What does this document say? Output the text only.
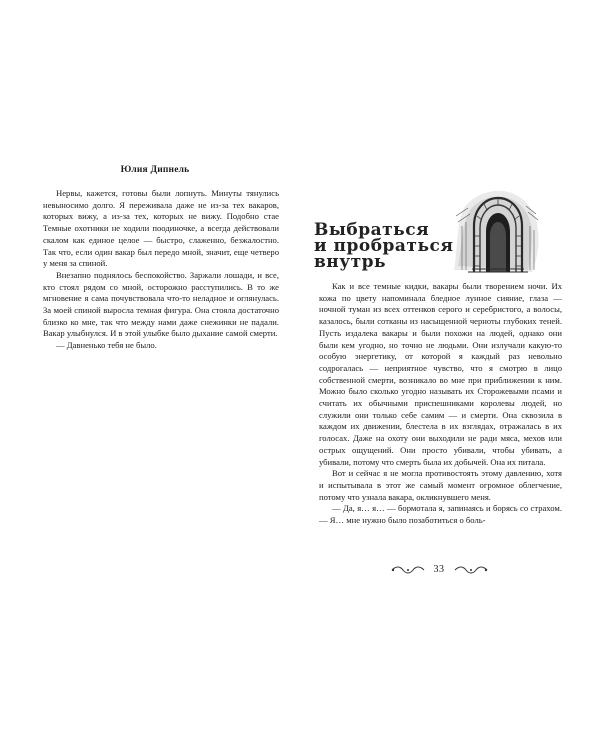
Юлия Дипнель

Нервы, кажется, готовы были лопнуть. Минуты тянулись невыносимо долго. Я переживала даже не из-за тех вакаров, которых вижу, а из-за тех, которых не вижу. Подобно стае Темные охотники не ходили поодиночке, а всегда действовали скалом как единое целое — быстро, слаженно, безжалостно. Так что, если один вакар был передо мной, значит, еще четверо у меня за спиной.

Внезапно поднялось беспокойство. Заржали лошади, и все, кто стоял рядом со мной, осторожно расступились. В то же мгновение я сама почувствовала что-то неладное и оглянулась. За моей спиной выросла темная фигура. Она стояла достаточно близко ко мне, так что между нами даже снежинки не падали. Вакар улыбнулся. И в этой улыбке было дыхание самой смерти.

— Давненько тебя не было.

Выбраться
и пробраться
внутрь

Как и все темные кидки, вакары были творением ночи. Их кожа по цвету напоминала бледное лунное сияние, глаза — ночной туман из всех оттенков серого и серебристого, а волосы, казалось, были сотканы из насыщенной черноты глубоких теней. Пусть издалека вакары и были похожи на людей, однако они были кем угодно, но точно не людьми. Они излучали какую-то особую энергетику, от которой я каждый раз невольно содрогалась — неприятное чувство, что я смотрю в лицо собственной смерти, возникало во мне при приближении к ним. Можно было сколько угодно называть их Сторожевыми псами и считать их обычными приспешниками королевы людей, но служили они только себе самим — и смерти. Она сквозила в каждом их движении, блестела в их взглядах, отражалась в их голосах. Даже на охоту они выходили не ради мяса, мехов или острых ощущений. Они просто убивали, чтобы убивать, а убивали, потому что смерть была их добычей. Она их питала.

Вот и сейчас я не могла противостоять этому давлению, хотя и испытывала в этот же самый момент огромное облегчение, потому что узнала вакара, окликнувшего меня.

— Да, я… я… — бормотала я, запинаясь и борясь со страхом. — Я… мне нужно было позаботиться о боль-

33
